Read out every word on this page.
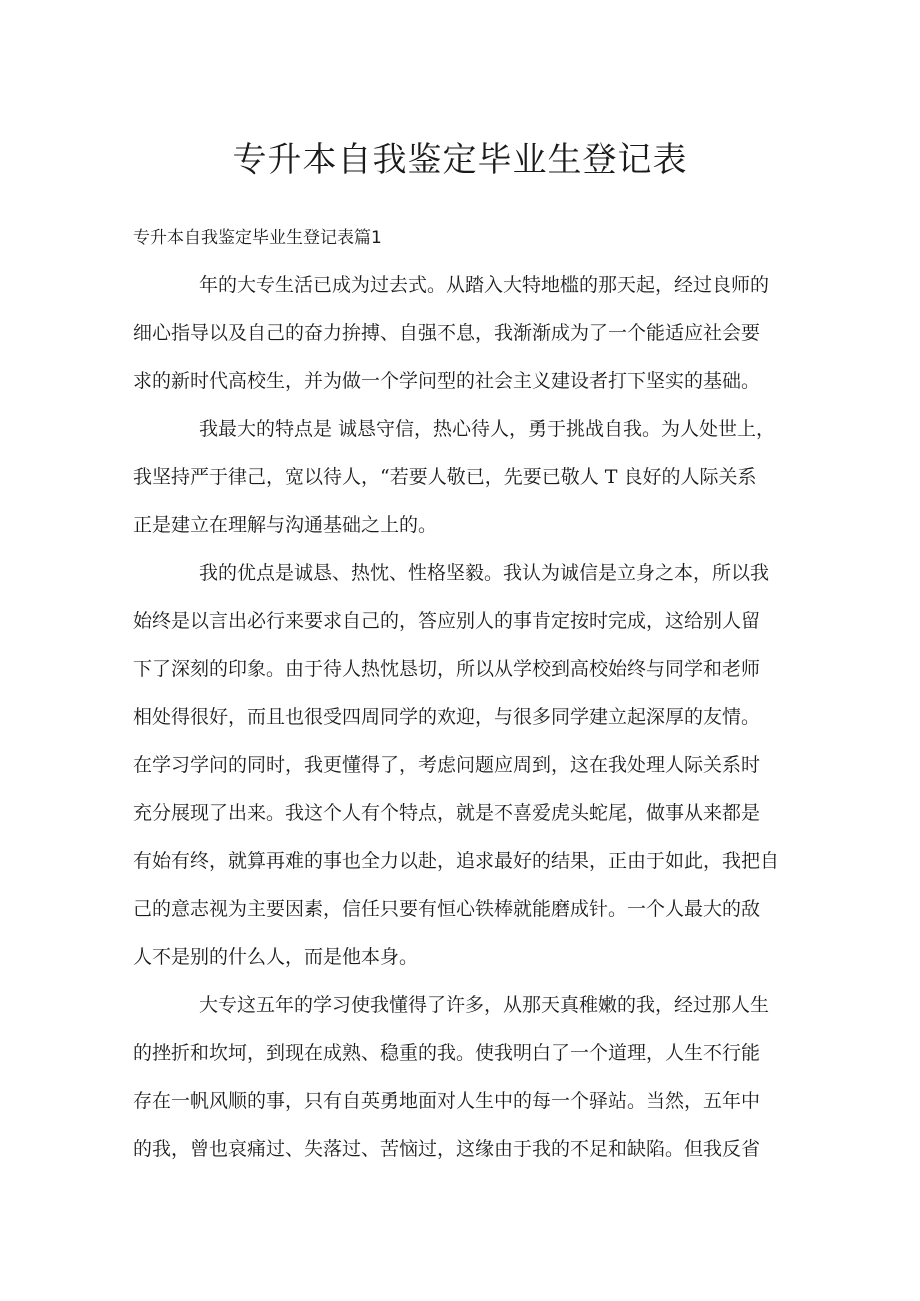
专升本自我鉴定毕业生登记表

专升本自我鉴定毕业生登记表篇1

年的大专生活已成为过去式。从踏入大特地槛的那天起，经过良师的
细心指导以及自己的奋力拚搏、自强不息，我渐渐成为了一个能适应社会要
求的新时代高校生，并为做一个学问型的社会主义建设者打下坚实的基础。
我最大的特点是 诚恳守信，热心待人，勇于挑战自我。为人处世上，
我坚持严于律己，宽以待人，“若要人敬已，先要已敬人 T 良好的人际关系
正是建立在理解与沟通基础之上的。
我的优点是诚恳、热忱、性格坚毅。我认为诚信是立身之本，所以我
始终是以言出必行来要求自己的，答应别人的事肯定按时完成，这给别人留
下了深刻的印象。由于待人热忱恳切，所以从学校到高校始终与同学和老师
相处得很好，而且也很受四周同学的欢迎，与很多同学建立起深厚的友情。
在学习学问的同时，我更懂得了，考虑问题应周到，这在我处理人际关系时
充分展现了出来。我这个人有个特点，就是不喜爱虎头蛇尾，做事从来都是
有始有终，就算再难的事也全力以赴，追求最好的结果，正由于如此，我把自
己的意志视为主要因素，信任只要有恒心铁棒就能磨成针。一个人最大的敌
人不是别的什么人，而是他本身。
大专这五年的学习使我懂得了许多，从那天真稚嫩的我，经过那人生
的挫折和坎坷，到现在成熟、稳重的我。使我明白了一个道理，人生不行能
存在一帆风顺的事，只有自英勇地面对人生中的每一个驿站。当然，五年中
的我，曾也哀痛过、失落过、苦恼过，这缘由于我的不足和缺陷。但我反省
